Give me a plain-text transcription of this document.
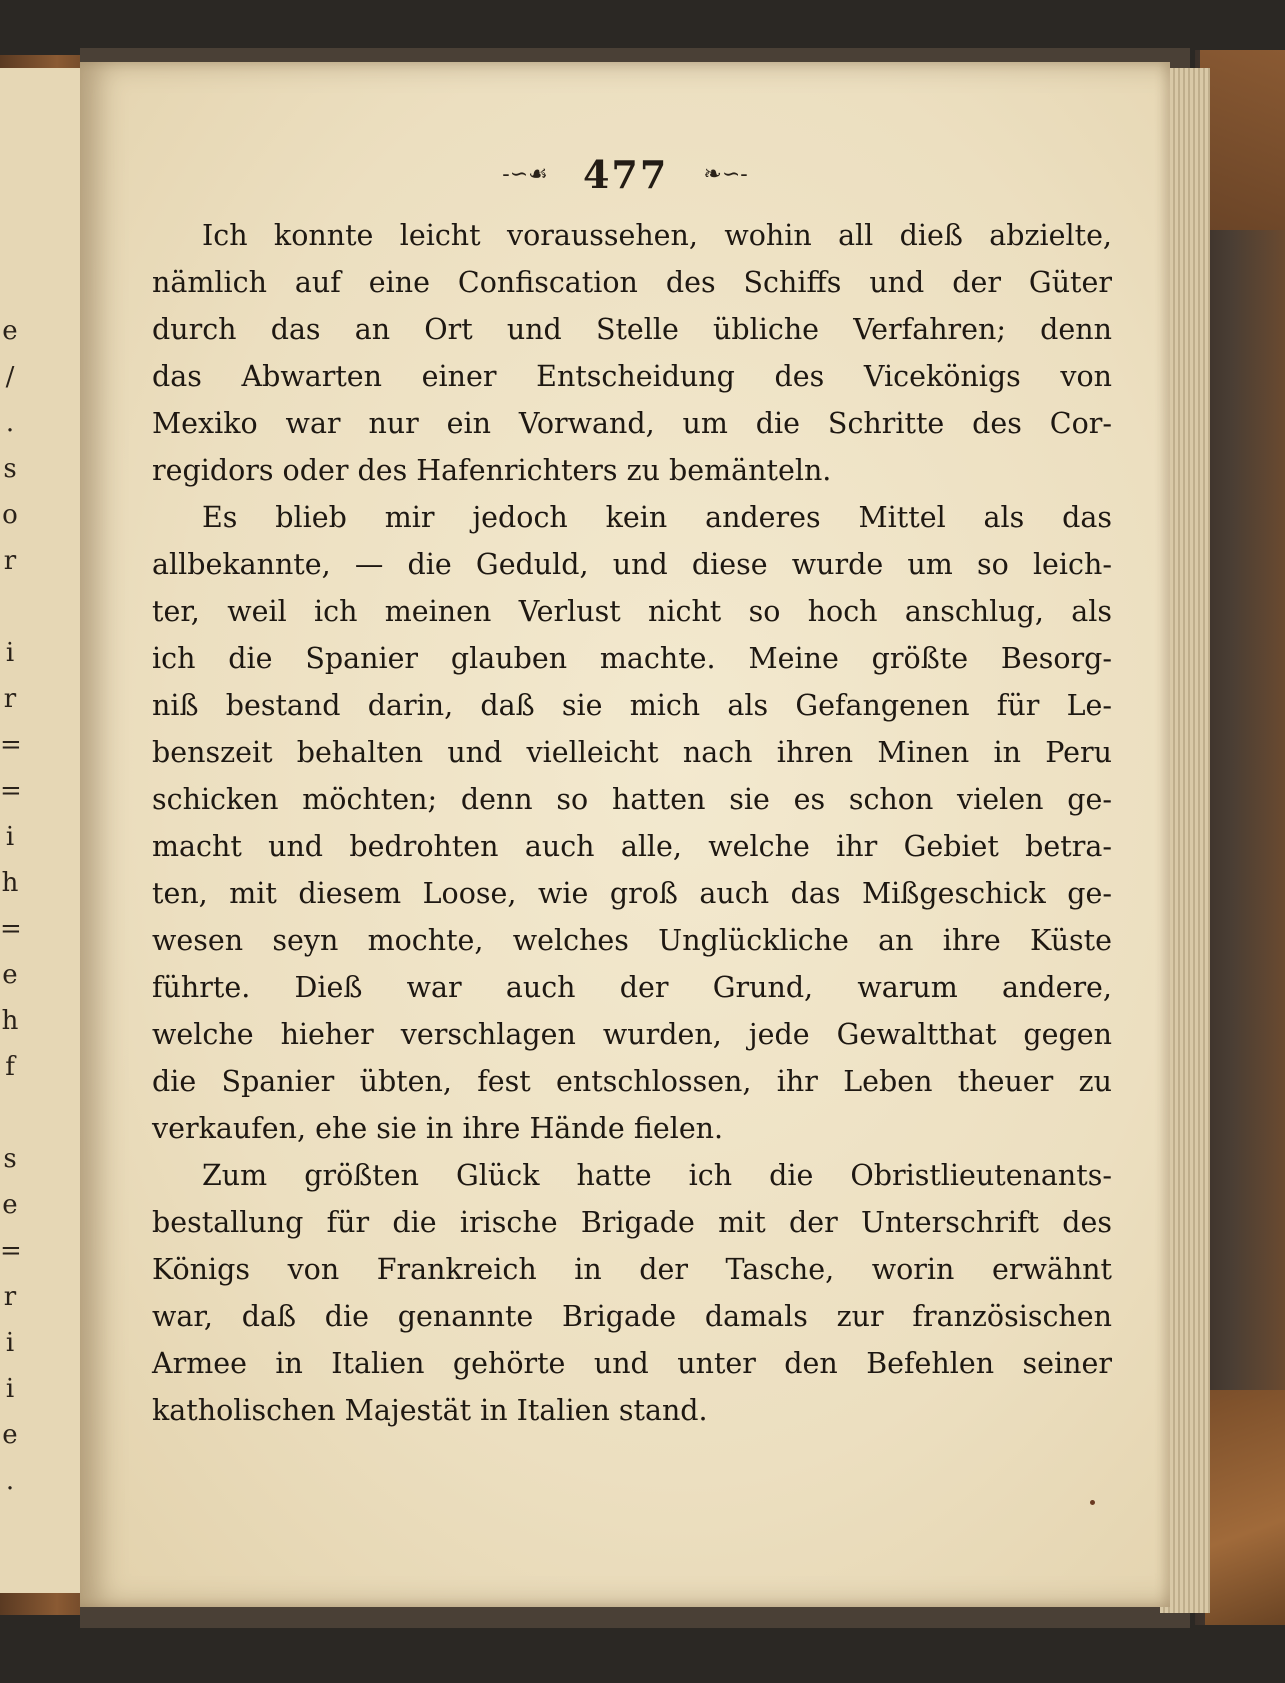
e
/
.
s
o
r

i
r
=
=
i
h
=
e
h
f

s
e
=
r
i
i
e
.
-∽☙ 477 ❧∽-

Ich konnte leicht voraussehen, wohin all dieß abzielte,
nämlich auf eine Confiscation des Schiffs und der Güter
durch das an Ort und Stelle übliche Verfahren; denn
das Abwarten einer Entscheidung des Vicekönigs von
Mexiko war nur ein Vorwand, um die Schritte des Cor-
regidors oder des Hafenrichters zu bemänteln.

Es blieb mir jedoch kein anderes Mittel als das
allbekannte, — die Geduld, und diese wurde um so leich-
ter, weil ich meinen Verlust nicht so hoch anschlug, als
ich die Spanier glauben machte. Meine größte Besorg-
niß bestand darin, daß sie mich als Gefangenen für Le-
benszeit behalten und vielleicht nach ihren Minen in Peru
schicken möchten; denn so hatten sie es schon vielen ge-
macht und bedrohten auch alle, welche ihr Gebiet betra-
ten, mit diesem Loose, wie groß auch das Mißgeschick ge-
wesen seyn mochte, welches Unglückliche an ihre Küste
führte. Dieß war auch der Grund, warum andere,
welche hieher verschlagen wurden, jede Gewaltthat gegen
die Spanier übten, fest entschlossen, ihr Leben theuer zu
verkaufen, ehe sie in ihre Hände fielen.

Zum größten Glück hatte ich die Obristlieutenants-
bestallung für die irische Brigade mit der Unterschrift des
Königs von Frankreich in der Tasche, worin erwähnt
war, daß die genannte Brigade damals zur französischen
Armee in Italien gehörte und unter den Befehlen seiner
katholischen Majestät in Italien stand.
